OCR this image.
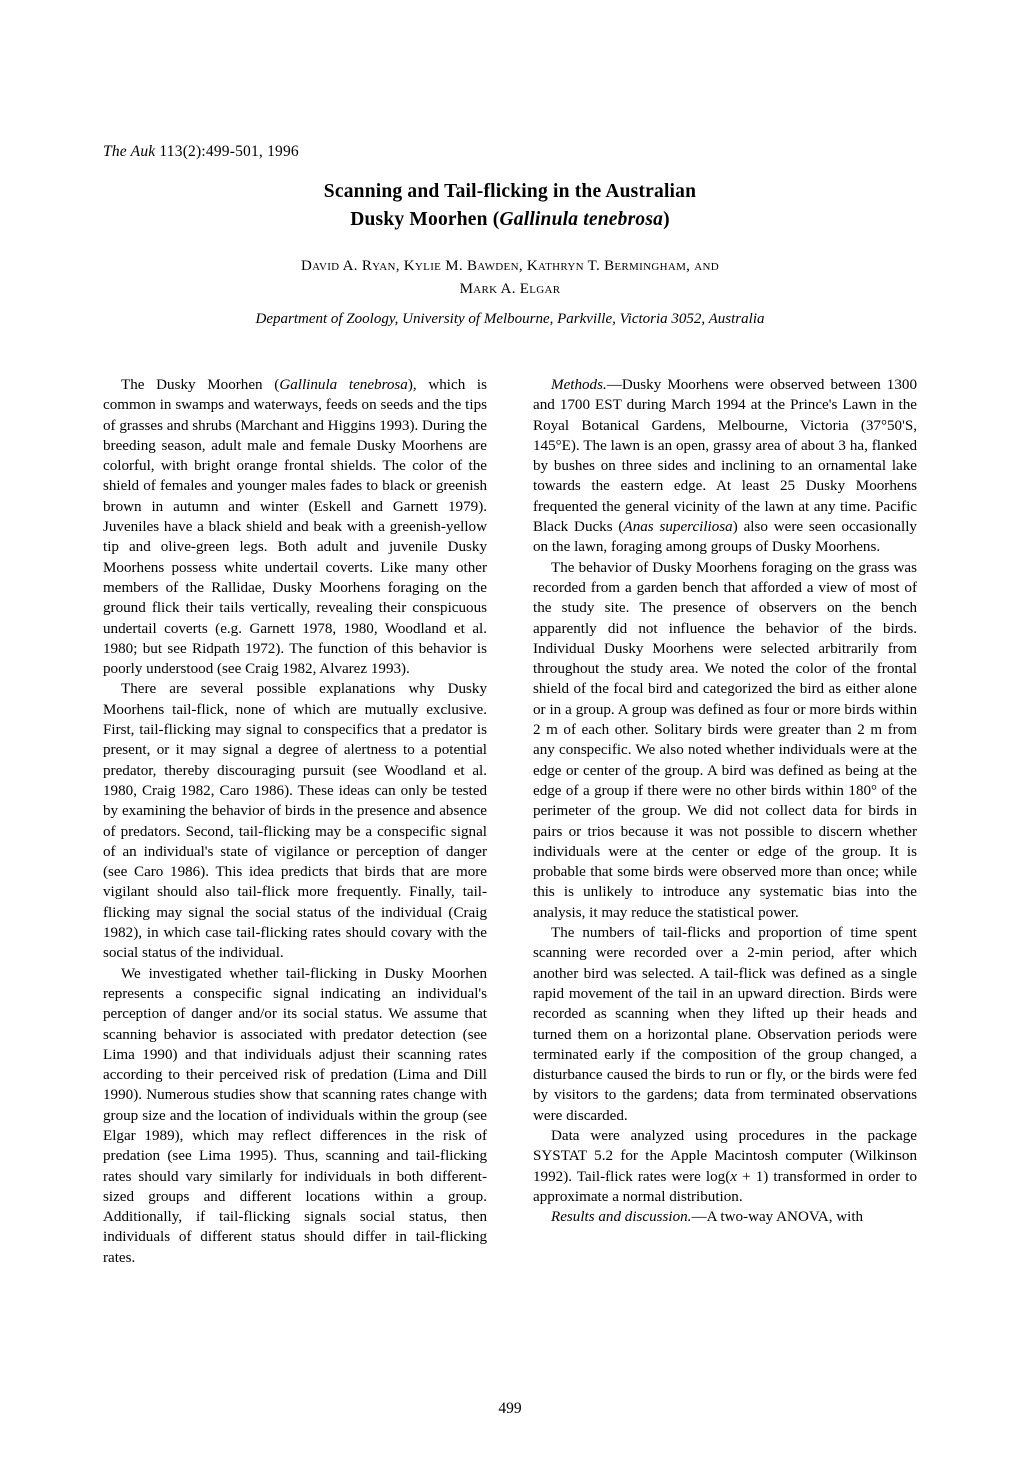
The Auk 113(2):499-501, 1996
Scanning and Tail-flicking in the Australian
Dusky Moorhen (Gallinula tenebrosa)
David A. Ryan, Kylie M. Bawden, Kathryn T. Bermingham, and
Mark A. Elgar
Department of Zoology, University of Melbourne, Parkville, Victoria 3052, Australia

The Dusky Moorhen (Gallinula tenebrosa), which is common in swamps and waterways, feeds on seeds and the tips of grasses and shrubs (Marchant and Higgins 1993). During the breeding season, adult male and female Dusky Moorhens are colorful, with bright orange frontal shields. The color of the shield of females and younger males fades to black or greenish brown in autumn and winter (Eskell and Garnett 1979). Juveniles have a black shield and beak with a greenish-yellow tip and olive-green legs. Both adult and juvenile Dusky Moorhens possess white undertail coverts. Like many other members of the Rallidae, Dusky Moorhens foraging on the ground flick their tails vertically, revealing their conspicuous undertail coverts (e.g. Garnett 1978, 1980, Woodland et al. 1980; but see Ridpath 1972). The function of this behavior is poorly understood (see Craig 1982, Alvarez 1993).

There are several possible explanations why Dusky Moorhens tail-flick, none of which are mutually exclusive. First, tail-flicking may signal to conspecifics that a predator is present, or it may signal a degree of alertness to a potential predator, thereby discouraging pursuit (see Woodland et al. 1980, Craig 1982, Caro 1986). These ideas can only be tested by examining the behavior of birds in the presence and absence of predators. Second, tail-flicking may be a conspecific signal of an individual's state of vigilance or perception of danger (see Caro 1986). This idea predicts that birds that are more vigilant should also tail-flick more frequently. Finally, tail-flicking may signal the social status of the individual (Craig 1982), in which case tail-flicking rates should covary with the social status of the individual.

We investigated whether tail-flicking in Dusky Moorhen represents a conspecific signal indicating an individual's perception of danger and/or its social status. We assume that scanning behavior is associated with predator detection (see Lima 1990) and that individuals adjust their scanning rates according to their perceived risk of predation (Lima and Dill 1990). Numerous studies show that scanning rates change with group size and the location of individuals within the group (see Elgar 1989), which may reflect differences in the risk of predation (see Lima 1995). Thus, scanning and tail-flicking rates should vary similarly for individuals in both different-sized groups and different locations within a group. Additionally, if tail-flicking signals social status, then individuals of different status should differ in tail-flicking rates.

Methods.—Dusky Moorhens were observed between 1300 and 1700 EST during March 1994 at the Prince's Lawn in the Royal Botanical Gardens, Melbourne, Victoria (37°50'S, 145°E). The lawn is an open, grassy area of about 3 ha, flanked by bushes on three sides and inclining to an ornamental lake towards the eastern edge. At least 25 Dusky Moorhens frequented the general vicinity of the lawn at any time. Pacific Black Ducks (Anas superciliosa) also were seen occasionally on the lawn, foraging among groups of Dusky Moorhens.

The behavior of Dusky Moorhens foraging on the grass was recorded from a garden bench that afforded a view of most of the study site. The presence of observers on the bench apparently did not influence the behavior of the birds. Individual Dusky Moorhens were selected arbitrarily from throughout the study area. We noted the color of the frontal shield of the focal bird and categorized the bird as either alone or in a group. A group was defined as four or more birds within 2 m of each other. Solitary birds were greater than 2 m from any conspecific. We also noted whether individuals were at the edge or center of the group. A bird was defined as being at the edge of a group if there were no other birds within 180° of the perimeter of the group. We did not collect data for birds in pairs or trios because it was not possible to discern whether individuals were at the center or edge of the group. It is probable that some birds were observed more than once; while this is unlikely to introduce any systematic bias into the analysis, it may reduce the statistical power.

The numbers of tail-flicks and proportion of time spent scanning were recorded over a 2-min period, after which another bird was selected. A tail-flick was defined as a single rapid movement of the tail in an upward direction. Birds were recorded as scanning when they lifted up their heads and turned them on a horizontal plane. Observation periods were terminated early if the composition of the group changed, a disturbance caused the birds to run or fly, or the birds were fed by visitors to the gardens; data from terminated observations were discarded.

Data were analyzed using procedures in the package SYSTAT 5.2 for the Apple Macintosh computer (Wilkinson 1992). Tail-flick rates were log(x + 1) transformed in order to approximate a normal distribution.

Results and discussion.—A two-way ANOVA, with

499
